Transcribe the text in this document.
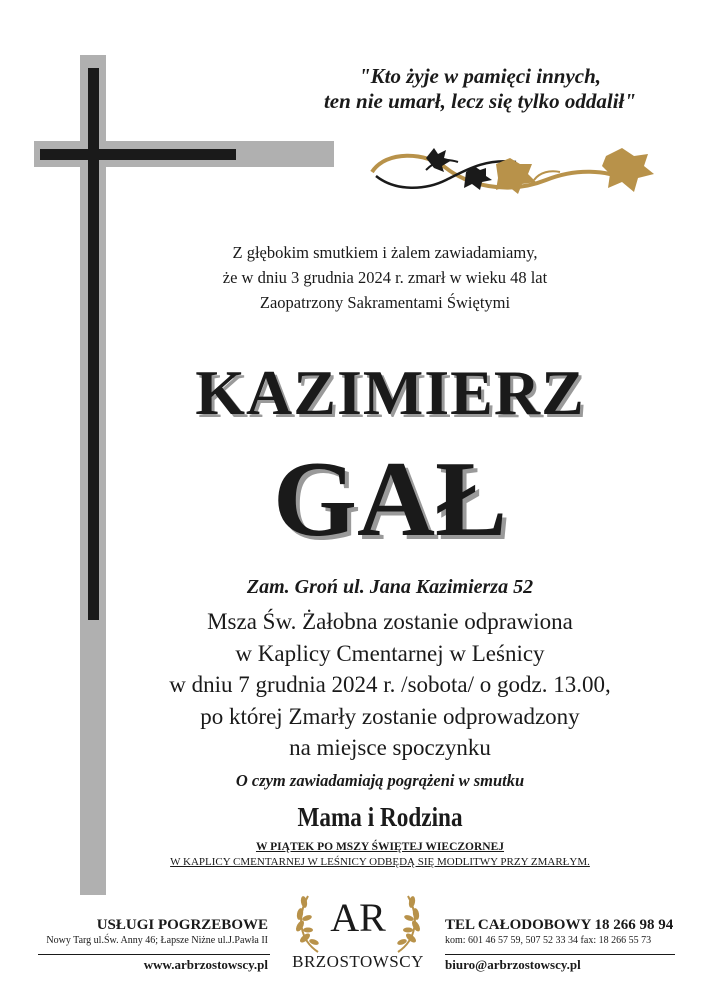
"Kto żyje w pamięci innych,
ten nie umarł, lecz się tylko oddalił"
Z głębokim smutkiem i żalem zawiadamiamy,
że w dniu 3 grudnia 2024 r. zmarł w wieku 48 lat
Zaopatrzony Sakramentami Świętymi
KAZIMIERZ
GAŁ
Zam. Groń ul. Jana Kazimierza 52
Msza Św. Żałobna zostanie odprawiona
w Kaplicy Cmentarnej w Leśnicy
w dniu 7 grudnia 2024 r. /sobota/ o godz. 13.00,
po której Zmarły zostanie odprowadzony
na miejsce spoczynku
O czym zawiadamiają pogrążeni w smutku
Mama i Rodzina
W PIĄTEK PO MSZY ŚWIĘTEJ WIECZORNEJ
W KAPLICY CMENTARNEJ W LEŚNICY ODBĘDĄ SIĘ MODLITWY PRZY ZMARŁYM.
USŁUGI POGRZEBOWE
Nowy Targ ul.Św. Anny 46; Łapsze Niżne ul.J.Pawła II
www.arbrzostowscy.pl
AR
BRZOSTOWSCY
TEL CAŁODOBOWY 18 266 98 94
kom: 601 46 57 59, 507 52 33 34 fax: 18 266 55 73
biuro@arbrzostowscy.pl
